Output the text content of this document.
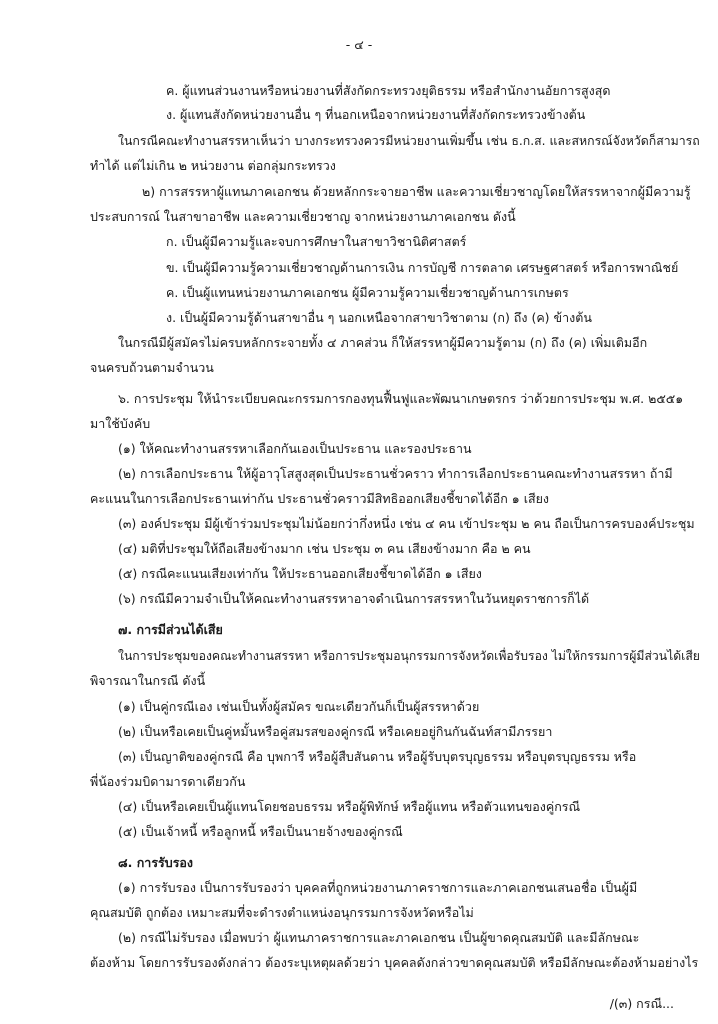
- ๔ -

ค. ผู้แทนส่วนงานหรือหน่วยงานที่สังกัดกระทรวงยุติธรรม หรือสำนักงานอัยการสูงสุด

ง. ผู้แทนสังกัดหน่วยงานอื่น ๆ ที่นอกเหนือจากหน่วยงานที่สังกัดกระทรวงข้างต้น

ในกรณีคณะทำงานสรรหาเห็นว่า บางกระทรวงควรมีหน่วยงานเพิ่มขึ้น เช่น ธ.ก.ส. และสหกรณ์จังหวัดก็สามารถ

ทำได้ แต่ไม่เกิน ๒ หน่วยงาน ต่อกลุ่มกระทรวง

๒) การสรรหาผู้แทนภาคเอกชน ด้วยหลักกระจายอาชีพ และความเชี่ยวชาญโดยให้สรรหาจากผู้มีความรู้

ประสบการณ์ ในสาขาอาชีพ และความเชี่ยวชาญ จากหน่วยงานภาคเอกชน ดังนี้

ก. เป็นผู้มีความรู้และจบการศึกษาในสาขาวิชานิติศาสตร์

ข. เป็นผู้มีความรู้ความเชี่ยวชาญด้านการเงิน การบัญชี การตลาด เศรษฐศาสตร์ หรือการพาณิชย์

ค. เป็นผู้แทนหน่วยงานภาคเอกชน ผู้มีความรู้ความเชี่ยวชาญด้านการเกษตร

ง. เป็นผู้มีความรู้ด้านสาขาอื่น ๆ นอกเหนือจากสาขาวิชาตาม (ก) ถึง (ค) ข้างต้น

ในกรณีมีผู้สมัครไม่ครบหลักกระจายทั้ง ๔ ภาคส่วน ก็ให้สรรหาผู้มีความรู้ตาม (ก) ถึง (ค) เพิ่มเติมอีก

จนครบถ้วนตามจำนวน

๖. การประชุม ให้นำระเบียบคณะกรรมการกองทุนฟื้นฟูและพัฒนาเกษตรกร ว่าด้วยการประชุม พ.ศ. ๒๕๕๑

มาใช้บังคับ

(๑) ให้คณะทำงานสรรหาเลือกกันเองเป็นประธาน และรองประธาน

(๒) การเลือกประธาน ให้ผู้อาวุโสสูงสุดเป็นประธานชั่วคราว ทำการเลือกประธานคณะทำงานสรรหา ถ้ามี

คะแนนในการเลือกประธานเท่ากัน ประธานชั่วคราวมีสิทธิออกเสียงชี้ขาดได้อีก ๑ เสียง

(๓) องค์ประชุม มีผู้เข้าร่วมประชุมไม่น้อยกว่ากึ่งหนึ่ง เช่น ๔ คน เข้าประชุม ๒ คน ถือเป็นการครบองค์ประชุม

(๔) มติที่ประชุมให้ถือเสียงข้างมาก เช่น ประชุม ๓ คน เสียงข้างมาก คือ ๒ คน

(๕) กรณีคะแนนเสียงเท่ากัน ให้ประธานออกเสียงชี้ขาดได้อีก ๑ เสียง

(๖) กรณีมีความจำเป็นให้คณะทำงานสรรหาอาจดำเนินการสรรหาในวันหยุดราชการก็ได้

๗. การมีส่วนได้เสีย

ในการประชุมของคณะทำงานสรรหา หรือการประชุมอนุกรรมการจังหวัดเพื่อรับรอง ไม่ให้กรรมการผู้มีส่วนได้เสีย

พิจารณาในกรณี ดังนี้

(๑) เป็นคู่กรณีเอง เช่นเป็นทั้งผู้สมัคร ขณะเดียวกันก็เป็นผู้สรรหาด้วย

(๒) เป็นหรือเคยเป็นคู่หมั้นหรือคู่สมรสของคู่กรณี หรือเคยอยู่กินกันฉันท์สามีภรรยา

(๓) เป็นญาติของคู่กรณี คือ บุพการี หรือผู้สืบสันดาน หรือผู้รับบุตรบุญธรรม หรือบุตรบุญธรรม หรือ

พี่น้องร่วมบิดามารดาเดียวกัน

(๔) เป็นหรือเคยเป็นผู้แทนโดยชอบธรรม หรือผู้พิทักษ์ หรือผู้แทน หรือตัวแทนของคู่กรณี

(๕) เป็นเจ้าหนี้ หรือลูกหนี้ หรือเป็นนายจ้างของคู่กรณี

๘. การรับรอง

(๑) การรับรอง เป็นการรับรองว่า บุคคลที่ถูกหน่วยงานภาคราชการและภาคเอกชนเสนอชื่อ เป็นผู้มี

คุณสมบัติ ถูกต้อง เหมาะสมที่จะดำรงตำแหน่งอนุกรรมการจังหวัดหรือไม่

(๒) กรณีไม่รับรอง เมื่อพบว่า ผู้แทนภาคราชการและภาคเอกชน เป็นผู้ขาดคุณสมบัติ และมีลักษณะ

ต้องห้าม โดยการรับรองดังกล่าว ต้องระบุเหตุผลด้วยว่า บุคคลดังกล่าวขาดคุณสมบัติ หรือมีลักษณะต้องห้ามอย่างไร

/(๓) กรณี...
